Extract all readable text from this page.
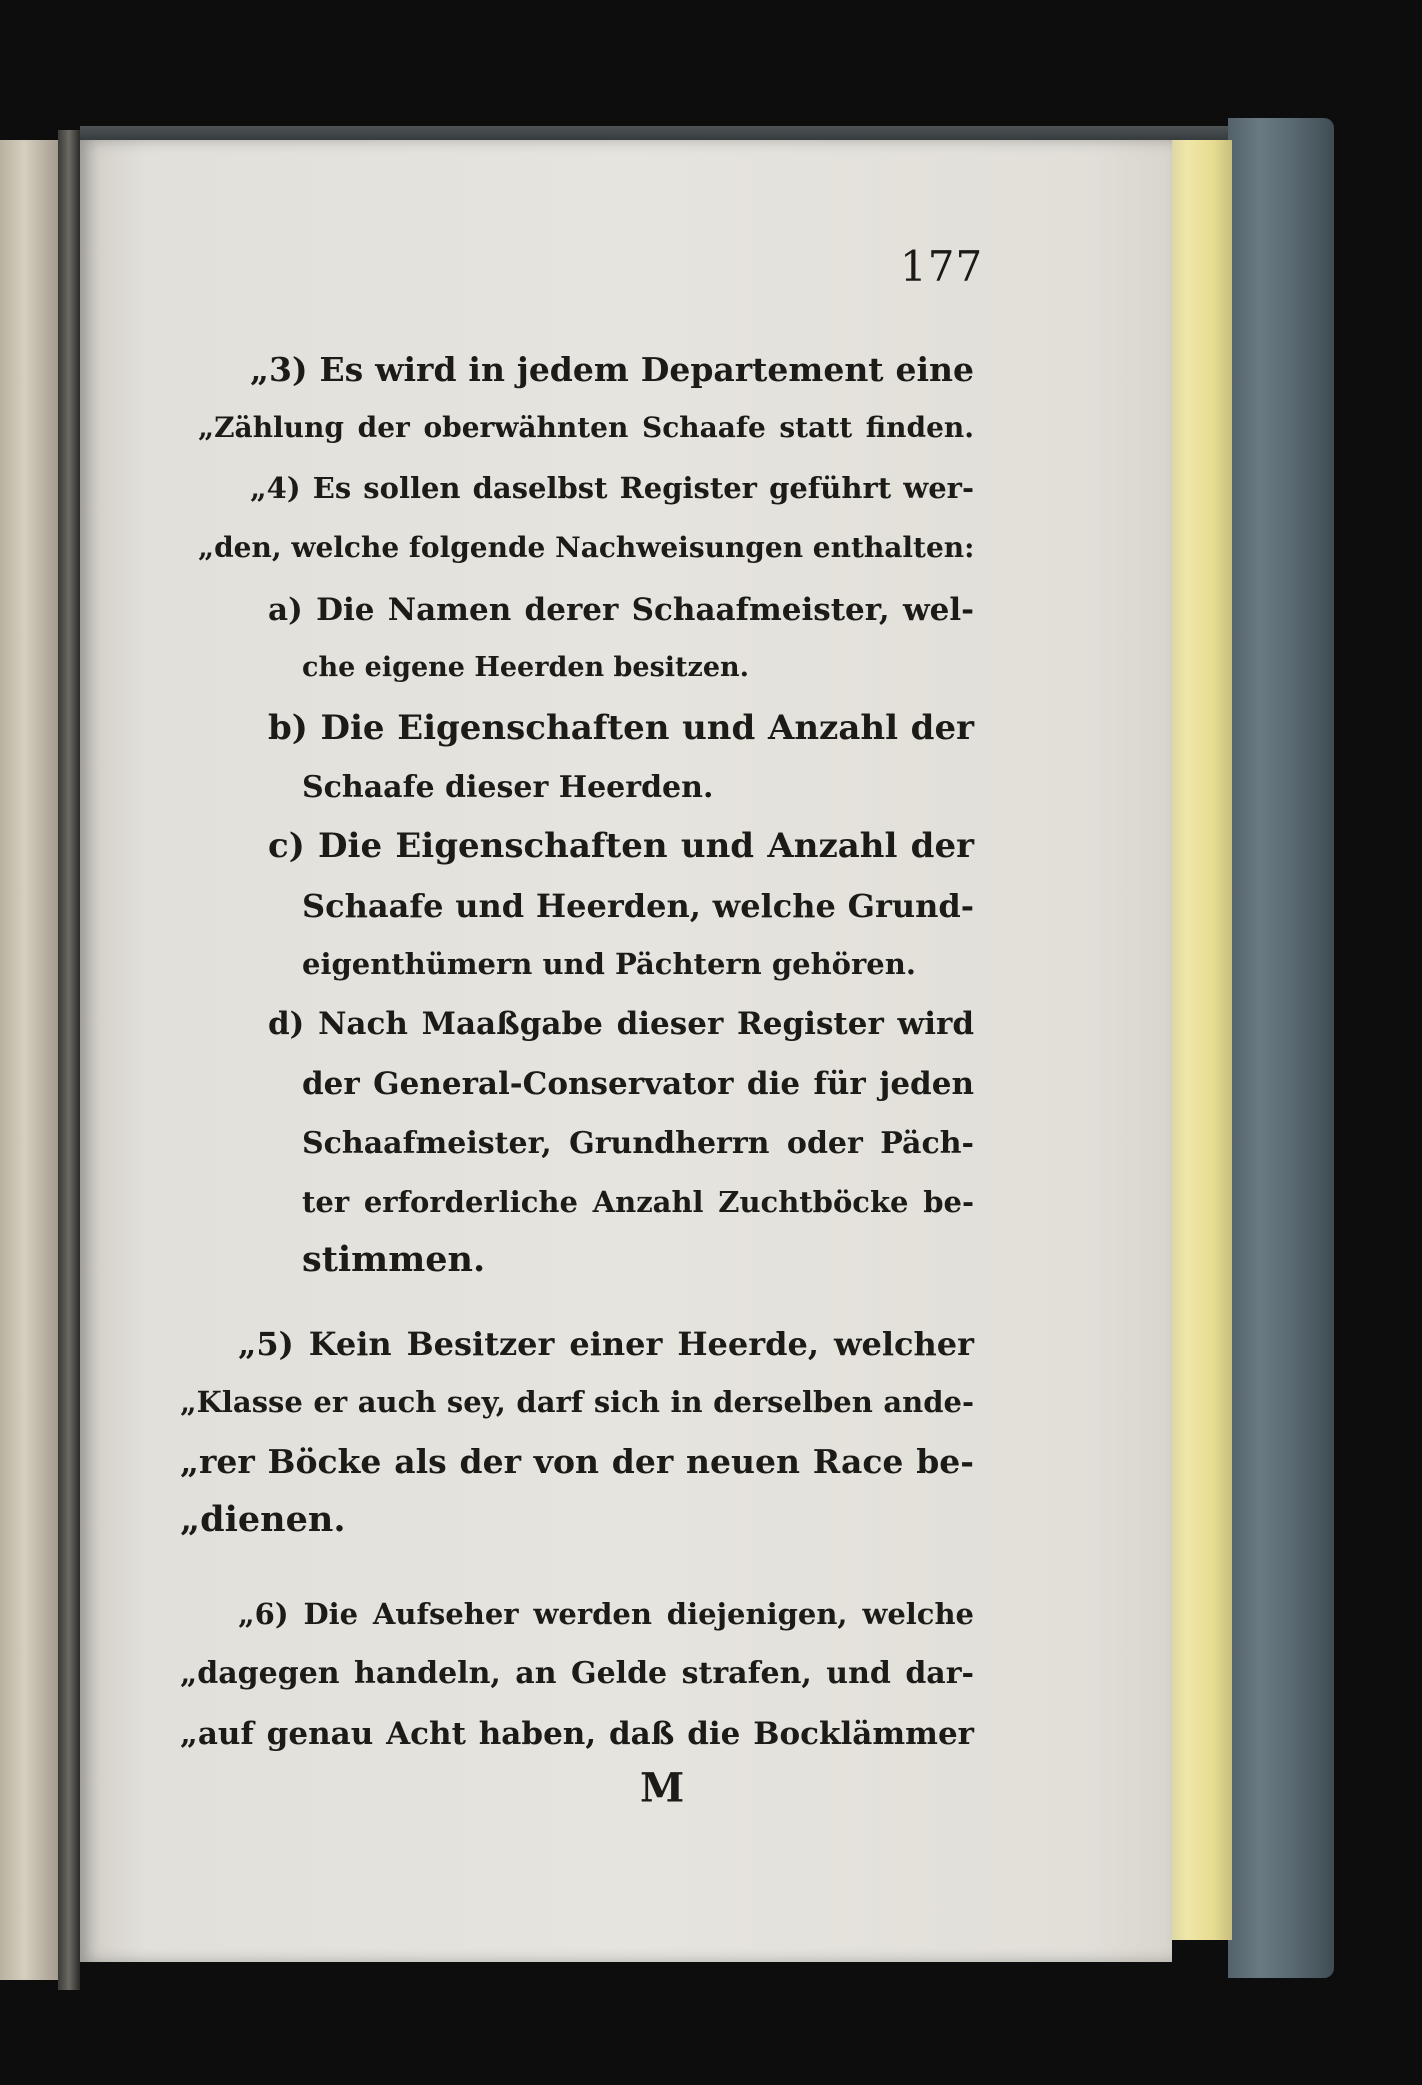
177
„3) Es wird in jedem Departement eine
„Zählung der oberwähnten Schaafe statt finden.
„4) Es sollen daselbst Register geführt wer-
„den, welche folgende Nachweisungen enthalten:
a) Die Namen derer Schaafmeister, wel-
che eigene Heerden besitzen.
b) Die Eigenschaften und Anzahl der
Schaafe dieser Heerden.
c) Die Eigenschaften und Anzahl der
Schaafe und Heerden, welche Grund-
eigenthümern und Pächtern gehören.
d) Nach Maaßgabe dieser Register wird
der General-Conservator die für jeden
Schaafmeister, Grundherrn oder Päch-
ter erforderliche Anzahl Zuchtböcke be-
stimmen.
„5) Kein Besitzer einer Heerde, welcher
„Klasse er auch sey, darf sich in derselben ande-
„rer Böcke als der von der neuen Race be-
„dienen.
„6) Die Aufseher werden diejenigen, welche
„dagegen handeln, an Gelde strafen, und dar-
„auf genau Acht haben, daß die Bocklämmer
M
